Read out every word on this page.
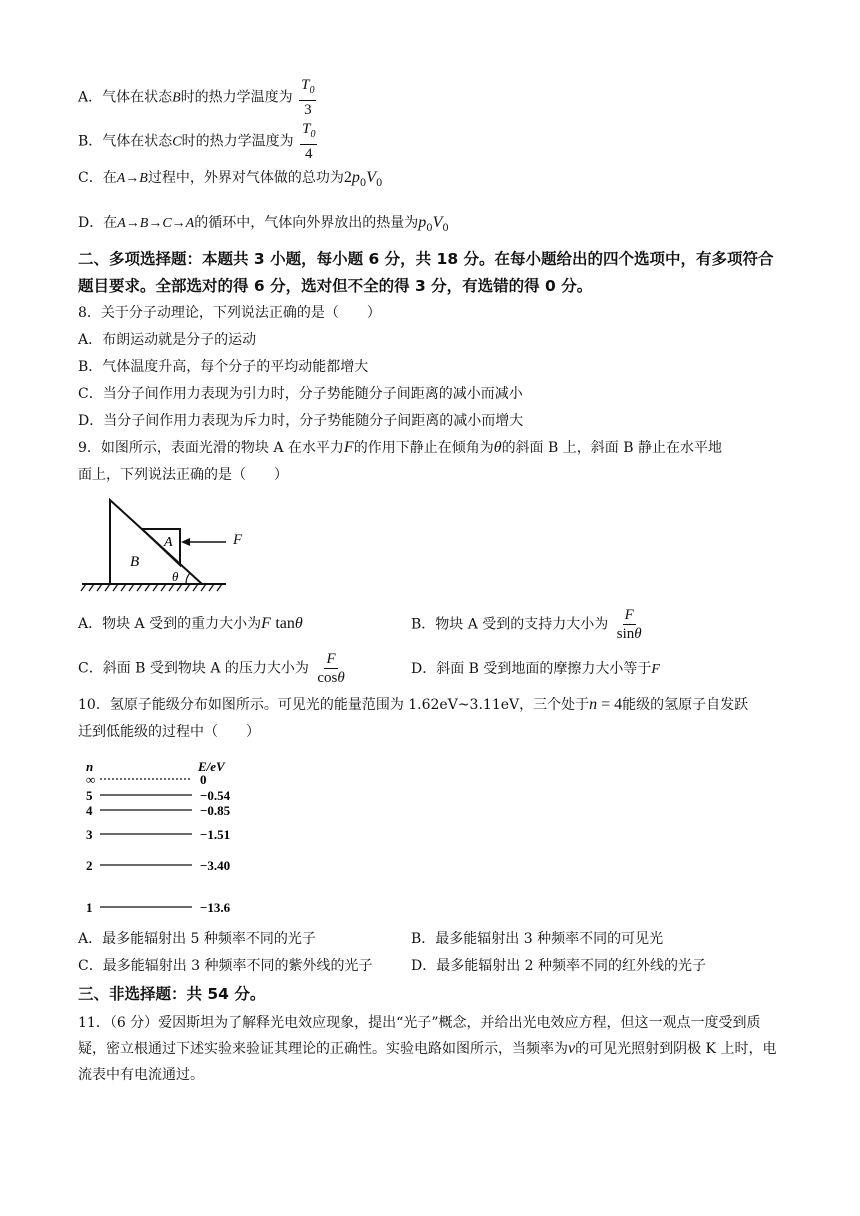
A．气体在状态B时的热力学温度为 $\frac{T_0}{3}$
B．气体在状态C时的热力学温度为 $\frac{T_0}{4}$
C．在A→B过程中，外界对气体做的总功为$2p_0V_0$
D．在A→B→C→A的循环中，气体向外界放出的热量为$p_0V_0$
二、多项选择题：本题共 3 小题，每小题 6 分，共 18 分。在每小题给出的四个选项中，有多项符合题目要求。全部选对的得 6 分，选对但不全的得 3 分，有选错的得 0 分。
8．关于分子动理论，下列说法正确的是（　　）
A．布朗运动就是分子的运动
B．气体温度升高，每个分子的平均动能都增大
C．当分子间作用力表现为引力时，分子势能随分子间距离的减小而减小
D．当分子间作用力表现为斥力时，分子势能随分子间距离的减小而增大
9．如图所示，表面光滑的物块 A 在水平力F的作用下静止在倾角为θ的斜面 B 上，斜面 B 静止在水平地
面上，下列说法正确的是（　　）
A
B
θ
F
A．物块 A 受到的重力大小为F tanθ	B．物块 A 受到的支持力大小为 $\frac{F}{\sin\theta}$
C．斜面 B 受到物块 A 的压力大小为 $\frac{F}{\cos\theta}$	D．斜面 B 受到地面的摩擦力大小等于F
10．氢原子能级分布如图所示。可见光的能量范围为 1.62eV~3.11eV，三个处于n = 4能级的氢原子自发跃
迁到低能级的过程中（　　）
n	E/eV
∞	0
5	−0.54
4	−0.85
3	−1.51
2	−3.40
1	−13.6
A．最多能辐射出 5 种频率不同的光子	B．最多能辐射出 3 种频率不同的可见光
C．最多能辐射出 3 种频率不同的紫外线的光子	D．最多能辐射出 2 种频率不同的红外线的光子
三、非选择题：共 54 分。
11．（6 分）爱因斯坦为了解释光电效应现象，提出“光子”概念，并给出光电效应方程，但这一观点一度受到质疑，密立根通过下述实验来验证其理论的正确性。实验电路如图所示，当频率为ν的可见光照射到阴极 K 上时，电流表中有电流通过。
